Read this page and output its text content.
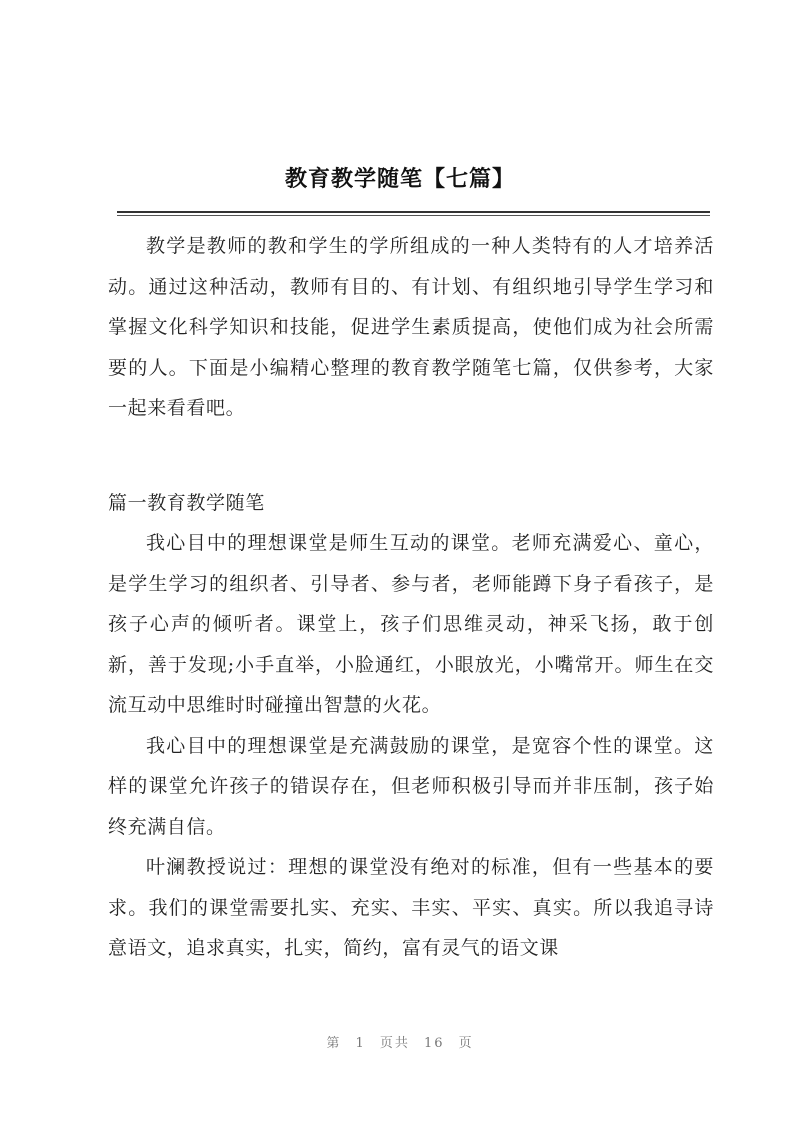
教育教学随笔【七篇】

教学是教师的教和学生的学所组成的一种人类特有的人才培养活动。通过这种活动，教师有目的、有计划、有组织地引导学生学习和掌握文化科学知识和技能，促进学生素质提高，使他们成为社会所需要的人。下面是小编精心整理的教育教学随笔七篇，仅供参考，大家一起来看看吧。

篇一教育教学随笔

我心目中的理想课堂是师生互动的课堂。老师充满爱心、童心，是学生学习的组织者、引导者、参与者，老师能蹲下身子看孩子，是孩子心声的倾听者。课堂上，孩子们思维灵动，神采飞扬，敢于创新，善于发现;小手直举，小脸通红，小眼放光，小嘴常开。师生在交流互动中思维时时碰撞出智慧的火花。

我心目中的理想课堂是充满鼓励的课堂，是宽容个性的课堂。这样的课堂允许孩子的错误存在，但老师积极引导而并非压制，孩子始终充满自信。

叶澜教授说过：理想的课堂没有绝对的标准，但有一些基本的要求。我们的课堂需要扎实、充实、丰实、平实、真实。所以我追寻诗意语文，追求真实，扎实，简约，富有灵气的语文课

第 1 页共 16 页
